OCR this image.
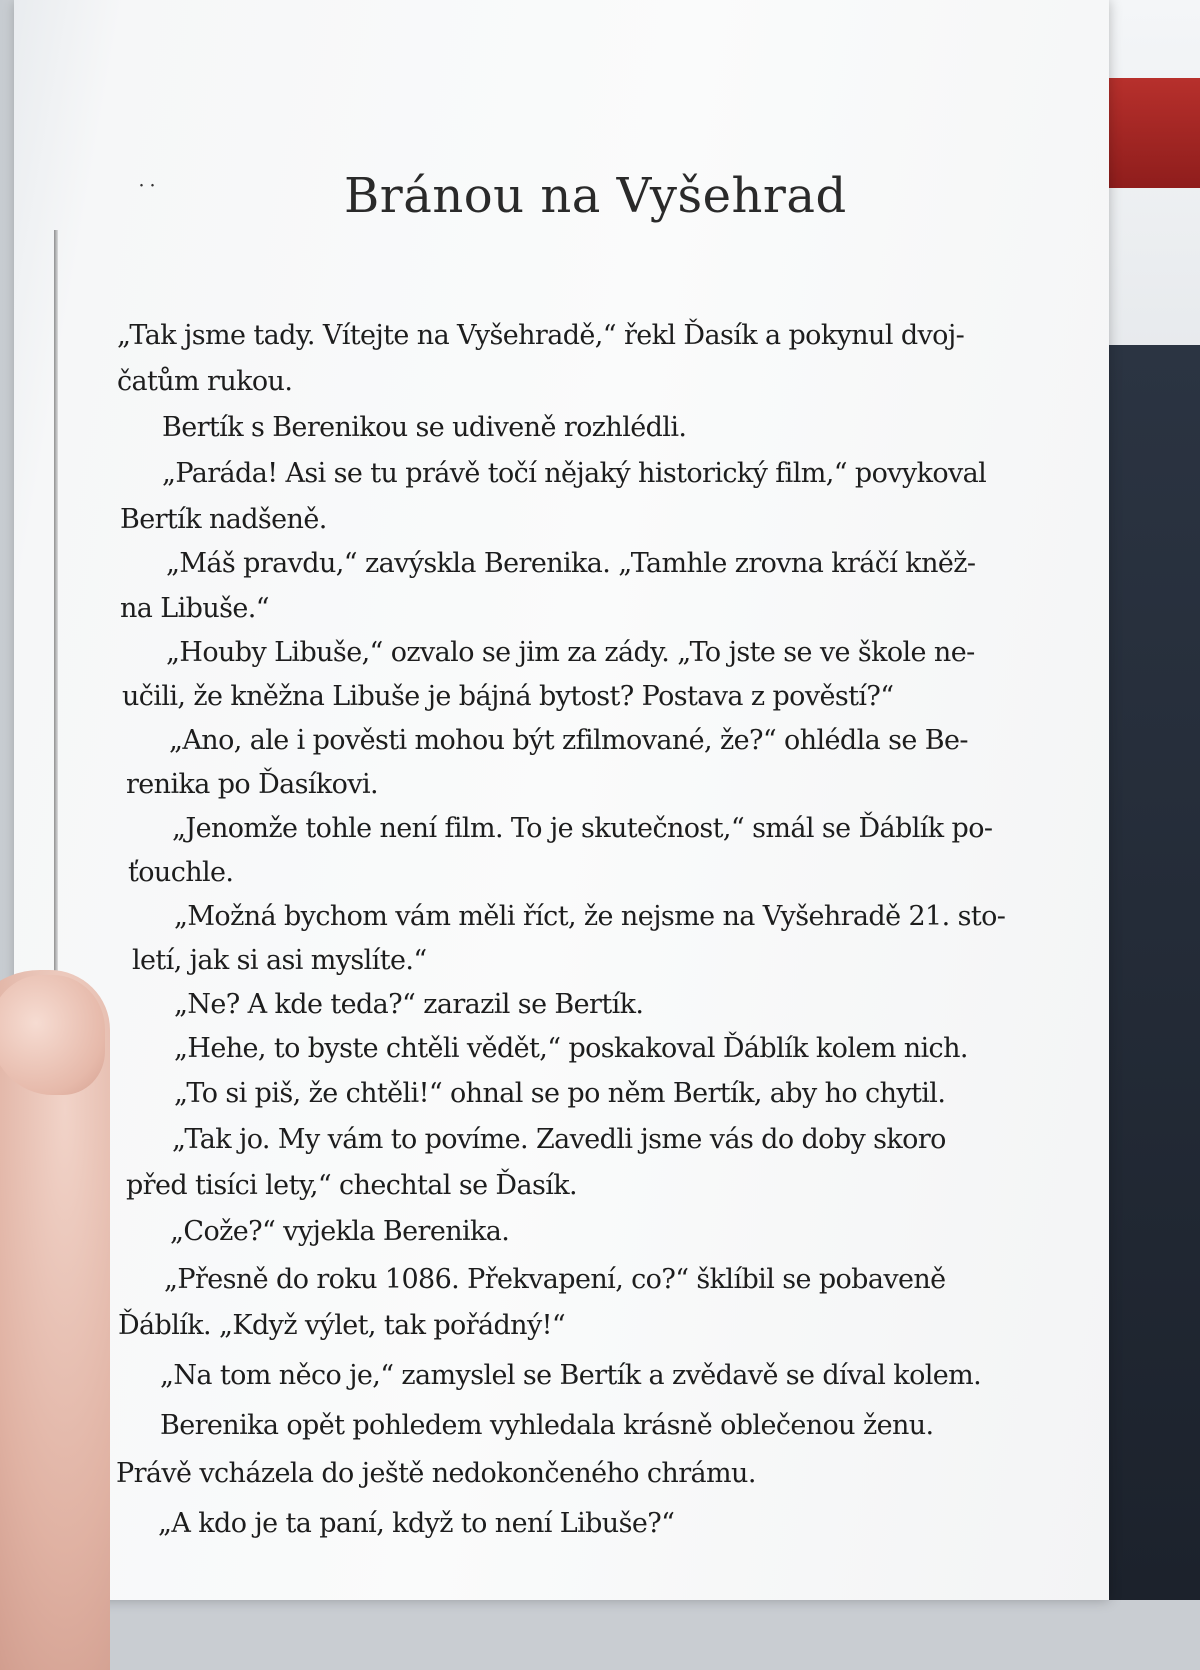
˙˙	Bránou na Vyšehrad
„Tak jsme tady. Vítejte na Vyšehradě,“ řekl Ďasík a pokynul dvoj-
čatům rukou.
Bertík s Berenikou se udiveně rozhlédli.
„Paráda! Asi se tu právě točí nějaký historický film,“ povykoval
Bertík nadšeně.
„Máš pravdu,“ zavýskla Berenika. „Tamhle zrovna kráčí kněž-
na Libuše.“
„Houby Libuše,“ ozvalo se jim za zády. „To jste se ve škole ne-
učili, že kněžna Libuše je bájná bytost? Postava z pověstí?“
„Ano, ale i pověsti mohou být zfilmované, že?“ ohlédla se Be-
renika po Ďasíkovi.
„Jenomže tohle není film. To je skutečnost,“ smál se Ďáblík po-
ťouchle.
„Možná bychom vám měli říct, že nejsme na Vyšehradě 21. sto-
letí, jak si asi myslíte.“
„Ne? A kde teda?“ zarazil se Bertík.
„Hehe, to byste chtěli vědět,“ poskakoval Ďáblík kolem nich.
„To si piš, že chtěli!“ ohnal se po něm Bertík, aby ho chytil.
„Tak jo. My vám to povíme. Zavedli jsme vás do doby skoro
před tisíci lety,“ chechtal se Ďasík.
„Cože?“ vyjekla Berenika.
„Přesně do roku 1086. Překvapení, co?“ šklíbil se pobaveně
Ďáblík. „Když výlet, tak pořádný!“
„Na tom něco je,“ zamyslel se Bertík a zvědavě se díval kolem.
Berenika opět pohledem vyhledala krásně oblečenou ženu.
Právě vcházela do ještě nedokončeného chrámu.
„A kdo je ta paní, když to není Libuše?“
